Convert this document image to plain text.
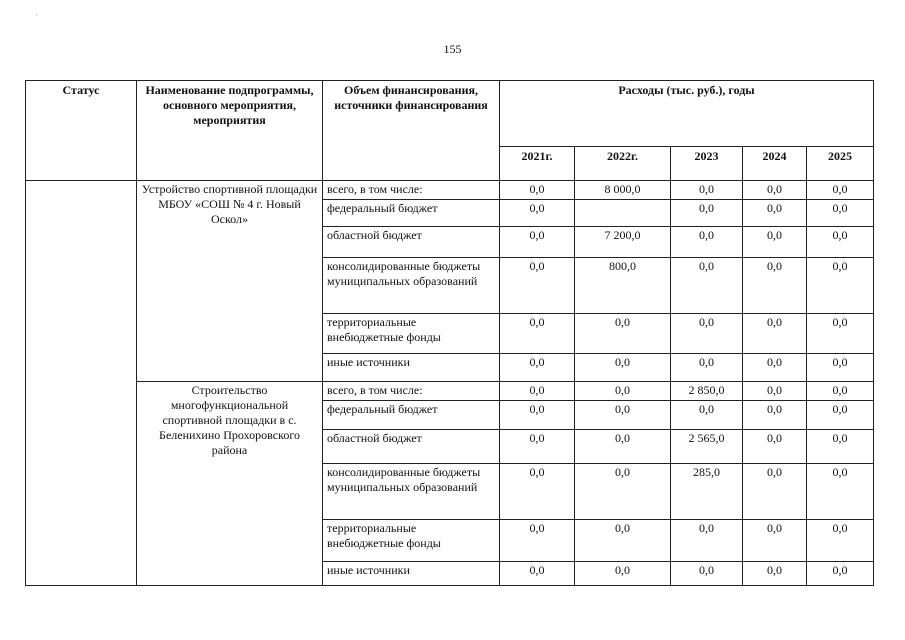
·
155
Статус	Наименование подпрограммы, основного мероприятия, мероприятия	Объем финансирования, источники финансирования	Расходы (тыс. руб.), годы				
			2021г.	2022г.	2023	2024	2025
	Устройство спортивной площадки МБОУ «СОШ № 4 г. Новый Оскол»	всего, в том числе:	0,0	8 000,0	0,0	0,0	0,0
		федеральный бюджет	0,0		0,0	0,0	0,0
		областной бюджет	0,0	7 200,0	0,0	0,0	0,0
		консолидированные бюджеты муниципальных образований	0,0	800,0	0,0	0,0	0,0
		территориальные внебюджетные фонды	0,0	0,0	0,0	0,0	0,0
		иные источники	0,0	0,0	0,0	0,0	0,0
	Строительство многофункциональной спортивной площадки в с. Беленихино Прохоровского района	всего, в том числе:	0,0	0,0	2 850,0	0,0	0,0
		федеральный бюджет	0,0	0,0	0,0	0,0	0,0
		областной бюджет	0,0	0,0	2 565,0	0,0	0,0
		консолидированные бюджеты муниципальных образований	0,0	0,0	285,0	0,0	0,0
		территориальные внебюджетные фонды	0,0	0,0	0,0	0,0	0,0
		иные источники	0,0	0,0	0,0	0,0	0,0
